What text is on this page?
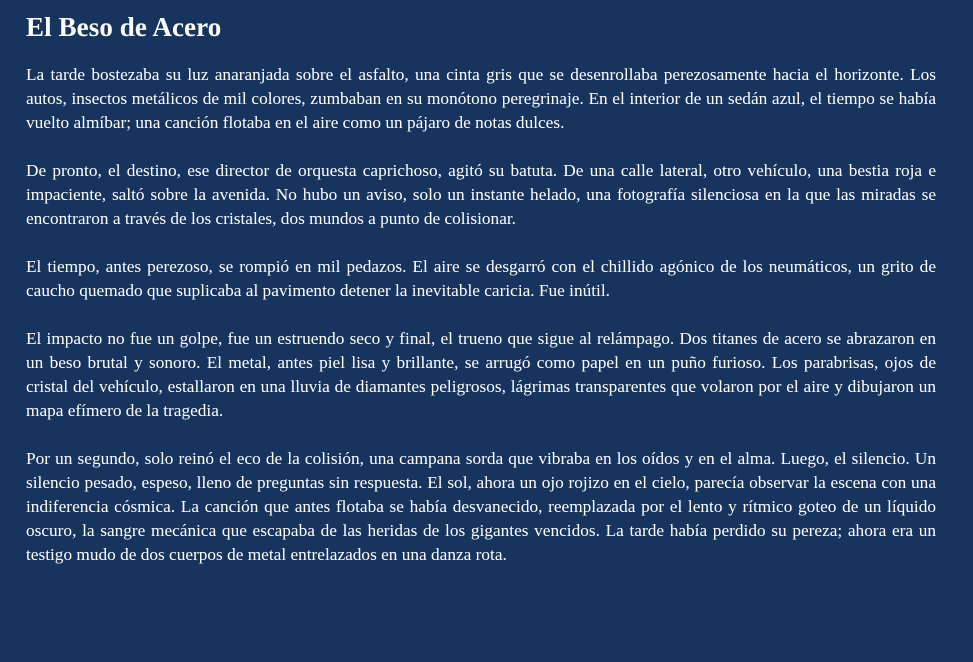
El Beso de Acero

La tarde bostezaba su luz anaranjada sobre el asfalto, una cinta gris que se desenrollaba perezosamente hacia el horizonte. Los autos, insectos metálicos de mil colores, zumbaban en su monótono peregrinaje. En el interior de un sedán azul, el tiempo se había vuelto almíbar; una canción flotaba en el aire como un pájaro de notas dulces.

De pronto, el destino, ese director de orquesta caprichoso, agitó su batuta. De una calle lateral, otro vehículo, una bestia roja e impaciente, saltó sobre la avenida. No hubo un aviso, solo un instante helado, una fotografía silenciosa en la que las miradas se encontraron a través de los cristales, dos mundos a punto de colisionar.

El tiempo, antes perezoso, se rompió en mil pedazos. El aire se desgarró con el chillido agónico de los neumáticos, un grito de caucho quemado que suplicaba al pavimento detener la inevitable caricia. Fue inútil.

El impacto no fue un golpe, fue un estruendo seco y final, el trueno que sigue al relámpago. Dos titanes de acero se abrazaron en un beso brutal y sonoro. El metal, antes piel lisa y brillante, se arrugó como papel en un puño furioso. Los parabrisas, ojos de cristal del vehículo, estallaron en una lluvia de diamantes peligrosos, lágrimas transparentes que volaron por el aire y dibujaron un mapa efímero de la tragedia.

Por un segundo, solo reinó el eco de la colisión, una campana sorda que vibraba en los oídos y en el alma. Luego, el silencio. Un silencio pesado, espeso, lleno de preguntas sin respuesta. El sol, ahora un ojo rojizo en el cielo, parecía observar la escena con una indiferencia cósmica. La canción que antes flotaba se había desvanecido, reemplazada por el lento y rítmico goteo de un líquido oscuro, la sangre mecánica que escapaba de las heridas de los gigantes vencidos. La tarde había perdido su pereza; ahora era un testigo mudo de dos cuerpos de metal entrelazados en una danza rota.
